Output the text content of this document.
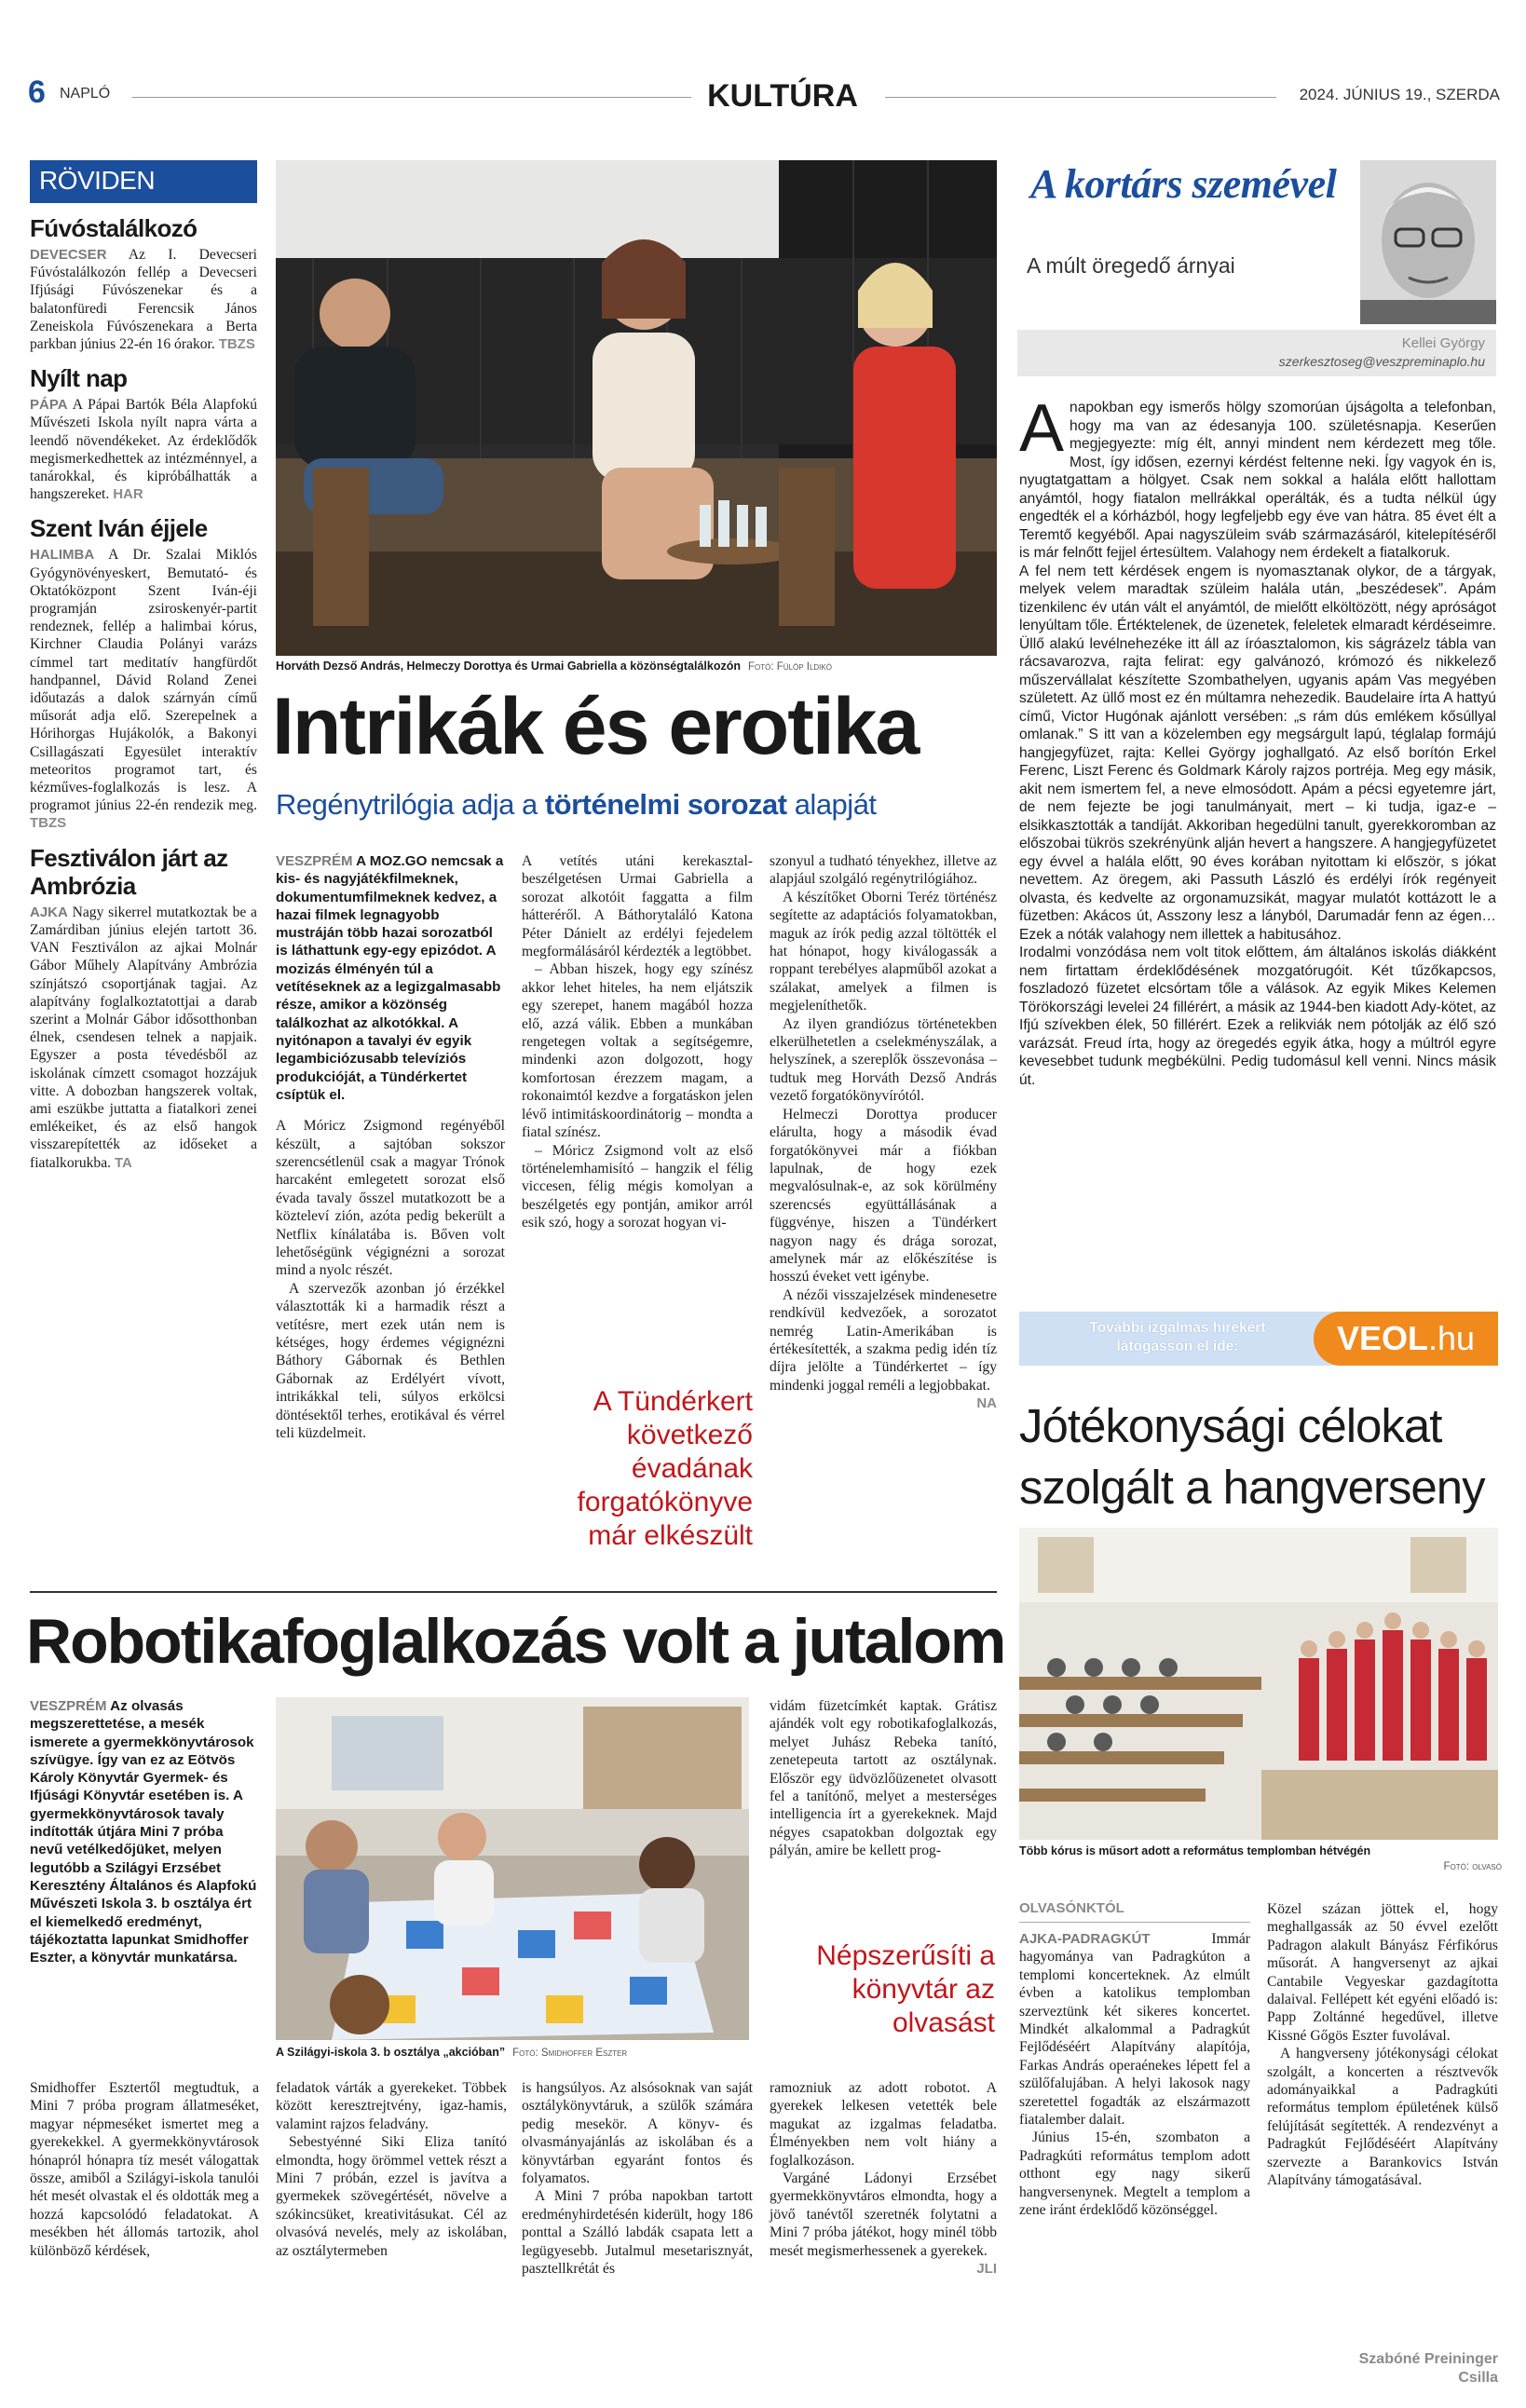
6 NAPLÓ	KULTÚRA	2024. JÚNIUS 19., SZERDA
RÖVIDEN
Fúvóstalálkozó

DEVECSER Az I. Devecseri Fúvóstalálkozón fellép a Devecseri Ifjúsági Fúvószenekar és a balatonfüredi Ferencsik János Zeneiskola Fúvószenekara a Berta parkban június 22-én 16 órakor. TBZS

Nyílt nap

PÁPA A Pápai Bartók Béla Alapfokú Művészeti Iskola nyílt napra várta a leendő növendékeket. Az érdeklődők megismerkedhettek az intézménnyel, a tanárokkal, és kipróbálhatták a hangszereket. HAR

Szent Iván éjjele

HALIMBA A Dr. Szalai Miklós Gyógynövényeskert, Bemutató- és Oktatóközpont Szent Iván-éji programján zsiroskenyér-partit rendeznek, fellép a halimbai kórus, Kirchner Claudia Polányi varázs címmel tart meditatív hangfürdőt handpannel, Dávid Roland Zenei időutazás a dalok szárnyán című műsorát adja elő. Szerepelnek a Hórihorgas Hujákolók, a Bakonyi Csillagászati Egyesület interaktív meteoritos programot tart, és kézműves-foglalkozás is lesz. A programot június 22-én rendezik meg. TBZS

Fesztiválon járt az Ambrózia

AJKA Nagy sikerrel mutatkoztak be a Zamárdiban június elején tartott 36. VAN Fesztiválon az ajkai Molnár Gábor Műhely Alapítvány Ambrózia színjátszó csoportjának tagjai. Az alapítvány foglalkoztatottjai a darab szerint a Molnár Gábor idősotthonban élnek, csendesen telnek a napjaik. Egyszer a posta tévedésből az iskolának címzett csomagot hozzájuk vitte. A dobozban hangszerek voltak, ami eszükbe juttatta a fiatalkori zenei emlékeiket, és az első hangok visszarepítették az időseket a fiatalkorukba. TA

Horváth Dezső András, Helmeczy Dorottya és Urmai Gabriella a közönségtalálkozón Fotó: Fülöp Ildikó
Intrikák és erotika
Regénytrilógia adja a történelmi sorozat alapját

VESZPRÉM A MOZ.GO nemcsak a kis- és nagyjátékfilmeknek, dokumentumfilmeknek kedvez, a hazai filmek legnagyobb mustráján több hazai sorozatból is láthattunk egy-egy epizódot. A mozizás élményén túl a vetítéseknek az a legizgalmasabb része, amikor a közönség találkozhat az alkotókkal. A nyitónapon a tavalyi év egyik legambiciózusabb televíziós produkcióját, a Tündérkertet csíptük el.

A Móricz Zsigmond regényéből készült, a sajtóban sokszor szerencsétlenül csak a magyar Trónok harcaként emlegetett sorozat első évada tavaly ősszel mutatkozott be a közteleví zión, azóta pedig bekerült a Netflix kínálatába is. Bőven volt lehetőségünk végignézni a sorozat mind a nyolc részét.

A szervezők azonban jó érzékkel választották ki a harmadik részt a vetítésre, mert ezek után nem is kétséges, hogy érdemes végignézni Báthory Gábornak és Bethlen Gábornak az Erdélyért vívott, intrikákkal teli, súlyos erkölcsi döntésektől terhes, erotikával és vérrel teli küzdelmeit.

A vetítés utáni kerekasztal-beszélgetésen Urmai Gabriella a sorozat alkotóit faggatta a film hátteréről. A Báthorytaláló Katona Péter Dánielt az erdélyi fejedelem megformálásáról kérdezték a legtöbbet.

– Abban hiszek, hogy egy színész akkor lehet hiteles, ha nem eljátszik egy szerepet, hanem magából hozza elő, azzá válik. Ebben a munkában rengetegen voltak a segítségemre, mindenki azon dolgozott, hogy komfortosan érezzem magam, a rokonaimtól kezdve a forgatáskon jelen lévő intimitáskoordinátorig – mondta a fiatal színész.

– Móricz Zsigmond volt az első történelemhamisító – hangzik el félig viccesen, félig mégis komolyan a beszélgetés egy pontján, amikor arról esik szó, hogy a sorozat hogyan vi-

szonyul a tudható tényekhez, illetve az alapjául szolgáló regénytrilógiához.

A készítőket Oborni Teréz történész segítette az adaptációs folyamatokban, maguk az írók pedig azzal töltötték el hat hónapot, hogy kiválogassák a roppant terebélyes alapműből azokat a szálakat, amelyek a filmen is megjeleníthetők.

Az ilyen grandiózus történetekben elkerülhetetlen a cselekményszálak, a helyszínek, a szereplők összevonása – tudtuk meg Horváth Dezső András vezető forgatókönyvírótól.

Helmeczi Dorottya producer elárulta, hogy a második évad forgatókönyvei már a fiókban lapulnak, de hogy ezek megvalósulnak-e, az sok körülmény szerencsés együttállásának a függvénye, hiszen a Tündérkert nagyon nagy és drága sorozat, amelynek már az előkészítése is hosszú éveket vett igénybe.

A nézői visszajelzések mindenesetre rendkívül kedvezőek, a sorozatot nemrég Latin-Amerikában is értékesítették, a szakma pedig idén tíz díjra jelölte a Tündérkertet – így mindenki joggal reméli a legjobbakat.
NA

A Tündérkert következő évadának forgatókönyve már elkészült
Robotikafoglalkozás volt a jutalom

VESZPRÉM Az olvasás megszerettetése, a mesék ismerete a gyermekkönyvtárosok szívügye. Így van ez az Eötvös Károly Könyvtár Gyermek- és Ifjúsági Könyvtár esetében is. A gyermekkönyvtárosok tavaly indították útjára Mini 7 próba nevű vetélkedőjüket, melyen legutóbb a Szilágyi Erzsébet Keresztény Általános és Alapfokú Művészeti Iskola 3. b osztálya ért el kiemelkedő eredményt, tájékoztatta lapunkat Smidhoffer Eszter, a könyvtár munkatársa.

A Szilágyi-iskola 3. b osztálya „akcióban” Fotó: Smidhoffer Eszter

Smidhoffer Esztertől megtudtuk, a Mini 7 próba program állatmeséket, magyar népmeséket ismertet meg a gyerekekkel. A gyermekkönyvtárosok hónapról hónapra tíz mesét válogattak össze, amiből a Szilágyi-iskola tanulói hét mesét olvastak el és oldották meg a hozzá kapcsolódó feladatokat. A mesékben hét állomás tartozik, ahol különböző kérdések,

feladatok várták a gyerekeket. Többek között keresztrejtvény, igaz-hamis, valamint rajzos feladvány.

Sebestyénné Siki Eliza tanító elmondta, hogy örömmel vettek részt a Mini 7 próbán, ezzel is javítva a gyermekek szövegértését, növelve a szókincsüket, kreativitásukat. Cél az olvasóvá nevelés, mely az iskolában, az osztálytermeben

is hangsúlyos. Az alsósoknak van saját osztálykönyvtáruk, a szülők számára pedig mesekör. A könyv- és olvasmányajánlás az iskolában és a könyvtárban egyaránt fontos és folyamatos.

A Mini 7 próba napokban tartott eredményhirdetésén kiderült, hogy 186 ponttal a Szálló labdák csapata lett a legügyesebb. Jutalmul mesetarisznyát, pasztellkrétát és

vidám füzetcímkét kaptak. Grátisz ajándék volt egy robotikafoglalkozás, melyet Juhász Rebeka tanító, zenetepeuta tartott az osztálynak. Először egy üdvözlőüzenetet olvasott fel a tanítónő, melyet a mesterséges intelligencia írt a gyerekeknek. Majd négyes csapatokban dolgoztak egy pályán, amire be kellett prog-

Népszerűsíti a könyvtár az olvasást

ramozniuk az adott robotot. A gyerekek lelkesen vetették bele magukat az izgalmas feladatba. Élményekben nem volt hiány a foglalkozáson.

Vargáné Ládonyi Erzsébet gyermekkönyvtáros elmondta, hogy a jövő tanévtől szeretnék folytatni a Mini 7 próba játékot, hogy minél több mesét megismerhessenek a gyerekek.
JLI

A kortárs szemével
A múlt öregedő árnyai
Kellei György
szerkesztoseg@veszpreminaplo.hu
A napokban egy ismerős hölgy szomorúan újságolta a telefonban, hogy ma van az édesanyja 100. születésnapja. Keserűen megjegyezte: míg élt, annyi mindent nem kérdezett meg tőle. Most, így idősen, ezernyi kérdést feltenne neki. Így vagyok én is, nyugtatgattam a hölgyet. Csak nem sokkal a halála előtt hallottam anyámtól, hogy fiatalon mellrákkal operálták, és a tudta nélkül úgy engedték el a kórházból, hogy legfeljebb egy éve van hátra. 85 évet élt a Teremtő kegyéből. Apai nagyszüleim sváb származásáról, kitelepítéséről is már felnőtt fejjel értesültem. Valahogy nem érdekelt a fiatalkoruk.

A fel nem tett kérdések engem is nyomasztanak olykor, de a tárgyak, melyek velem maradtak szüleim halála után, „beszédesek”. Apám tizenkilenc év után vált el anyámtól, de mielőtt elköltözött, négy apróságot lenyúltam tőle. Értéktelenek, de üzenetek, feleletek elmaradt kérdéseimre. Üllő alakú levélnehezéke itt áll az íróasztalomon, kis ságrázelz tábla van rácsavarozva, rajta felirat: egy galvánozó, krómozó és nikkelező műszervállalat készítette Szombathelyen, ugyanis apám Vas megyében született. Az üllő most ez én múltamra nehezedik. Baudelaire írta A hattyú című, Victor Hugónak ajánlott versében: „s rám dús emlékem kősúllyal omlanak.” S itt van a közelemben egy megsárgult lapú, téglalap formájú hangjegyfüzet, rajta: Kellei György joghallgató. Az első borítón Erkel Ferenc, Liszt Ferenc és Goldmark Károly rajzos portréja. Meg egy másik, akit nem ismertem fel, a neve elmosódott. Apám a pécsi egyetemre járt, de nem fejezte be jogi tanulmányait, mert – ki tudja, igaz-e – elsikkasztották a tandíját. Akkoriban hegedülni tanult, gyerekkoromban az előszobai tükrös szekrényünk alján hevert a hangszere. A hangjegyfüzetet egy évvel a halála előtt, 90 éves korában nyitottam ki először, s jókat nevettem. Az öregem, aki Passuth László és erdélyi írók regényeit olvasta, és kedvelte az orgonamuzsikát, magyar mulatót kottázott le a füzetben: Akácos út, Asszony lesz a lányból, Darumadár fenn az égen… Ezek a nóták valahogy nem illettek a habitusához.

Irodalmi vonzódása nem volt titok előttem, ám általános iskolás diákként nem firtattam érdeklődésének mozgatórugóit. Két tűzőkapcsos, foszladozó füzetet elcsórtam tőle a válások. Az egyik Mikes Kelemen Törökországi levelei 24 fillérért, a másik az 1944-ben kiadott Ady-kötet, az Ifjú szívekben élek, 50 fillérért. Ezek a relikviák nem pótolják az élő szó varázsát. Freud írta, hogy az öregedés egyik átka, hogy a múltról egyre kevesebbet tudunk megbékülni. Pedig tudomásul kell venni. Nincs másik út.

További izgalmas hírekért
látogasson el ide:	VEOL.hu
Jótékonysági célokat szolgált a hangverseny
Több kórus is műsort adott a református templomban hétvégén
Fotó: olvasó
OLVASÓNKTÓL

AJKA-PADRAGKÚT	Immár hagyománya van Padragkúton a templomi koncerteknek. Az elmúlt évben a katolikus templomban szerveztünk két sikeres koncertet. Mindkét alkalommal a Padragkút Fejlődéséért Alapítvány alapítója, Farkas András operaénekes lépett fel a szülőfalujában. A helyi lakosok nagy szeretettel fogadták az elszármazott fiatalember dalait.

Június 15-én, szombaton a Padragkúti református templom adott otthont egy nagy sikerű hangversenynek. Megtelt a templom a zene iránt érdeklődő közönséggel.

Közel százan jöttek el, hogy meghallgassák az 50 évvel ezelőtt Padragon alakult Bányász Férfikórus műsorát. A hangversenyt az ajkai Cantabile Vegyeskar gazdagította dalaival. Fellépett két egyéni előadó is: Papp Zoltánné hegedűvel, illetve Kissné Gőgös Eszter fuvolával.

A hangverseny jótékonysági célokat szolgált, a koncerten a résztvevők adományaikkal a Padragkúti református templom épületének külső felújítását segítették. A rendezvényt a Padragkút Fejlődéséért Alapítvány szervezte a Barankovics István Alapítvány támogatásával.

Szabóné Preininger Csilla
